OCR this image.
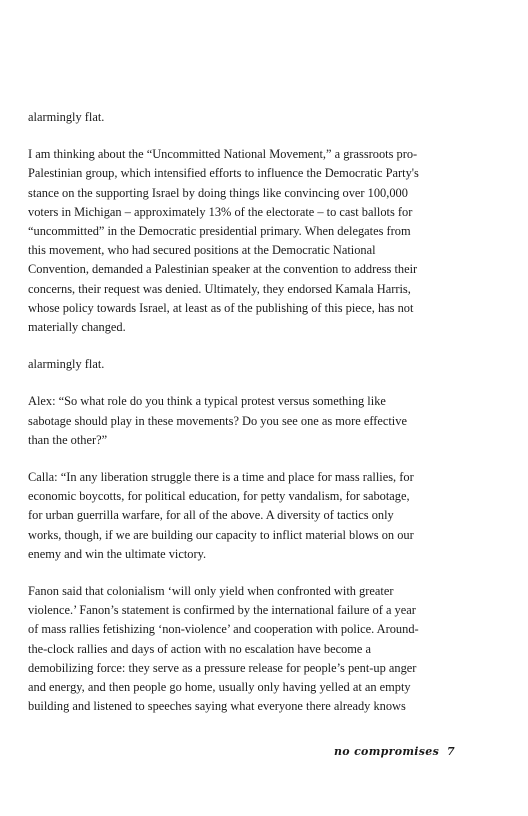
alarmingly flat.

I am thinking about the “Uncommitted National Movement,” a grassroots pro-
Palestinian group, which intensified efforts to influence the Democratic Party's
stance on the supporting Israel by doing things like convincing over 100,000
voters in Michigan – approximately 13% of the electorate – to cast ballots for
“uncommitted” in the Democratic presidential primary. When delegates from
this movement, who had secured positions at the Democratic National
Convention, demanded a Palestinian speaker at the convention to address their
concerns, their request was denied. Ultimately, they endorsed Kamala Harris,
whose policy towards Israel, at least as of the publishing of this piece, has not
materially changed.

alarmingly flat.

Alex: “So what role do you think a typical protest versus something like
sabotage should play in these movements? Do you see one as more effective
than the other?”

Calla: “In any liberation struggle there is a time and place for mass rallies, for
economic boycotts, for political education, for petty vandalism, for sabotage,
for urban guerrilla warfare, for all of the above. A diversity of tactics only
works, though, if we are building our capacity to inflict material blows on our
enemy and win the ultimate victory.

Fanon said that colonialism ‘will only yield when confronted with greater
violence.’ Fanon’s statement is confirmed by the international failure of a year
of mass rallies fetishizing ‘non-violence’ and cooperation with police. Around-
the-clock rallies and days of action with no escalation have become a
demobilizing force: they serve as a pressure release for people’s pent-up anger
and energy, and then people go home, usually only having yelled at an empty
building and listened to speeches saying what everyone there already knows

no compromises 7
